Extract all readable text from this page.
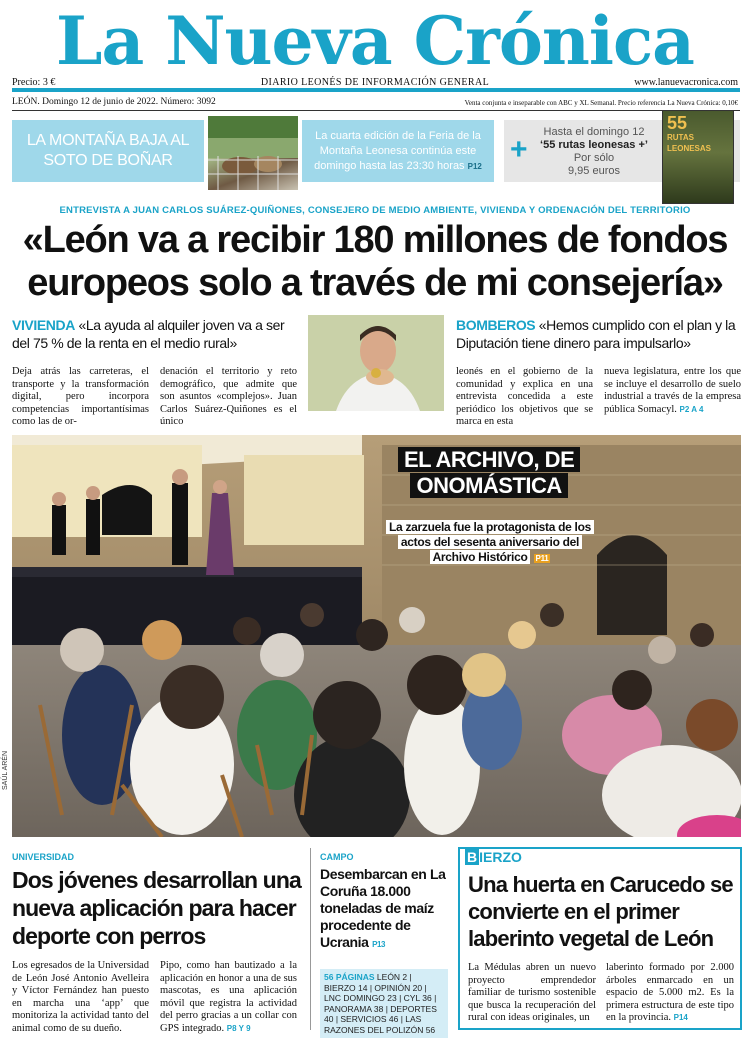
La Nueva Crónica
Precio: 3 €	DIARIO LEONÉS DE INFORMACIÓN GENERAL	www.lanuevacronica.com
LEÓN. Domingo 12 de junio de 2022. Número: 3092	Venta conjunta e inseparable con ABC y XL Semanal. Precio referencia La Nueva Crónica: 0,10€
LA MONTAÑA BAJA AL SOTO DE BOÑAR
La cuarta edición de la Feria de la Montaña Leonesa continúa este domingo hasta las 23:30 horas P12 +
Hasta el domingo 12
‘55 rutas leonesas +’
Por sólo
9,95 euros
55
RUTAS LEONESAS
ENTREVISTA A JUAN CARLOS SUÁREZ-QUIÑONES, CONSEJERO DE MEDIO AMBIENTE, VIVIENDA Y ORDENACIÓN DEL TERRITORIO
«León va a recibir 180 millones de fondos europeos solo a través de mi consejería»
VIVIENDA «La ayuda al alquiler joven va a ser del 75 % de la renta en el medio rural»
BOMBEROS «Hemos cumplido con el plan y la Diputación tiene dinero para impulsarlo»
Deja atrás las carreteras, el transporte y la transformación digital, pero incorpora competencias importantísimas como las de or-
denación el territorio y reto demográfico, que admite que son asuntos «complejos». Juan Carlos Suárez-Quiñones es el único
leonés en el gobierno de la comunidad y explica en una entrevista concedida a este periódico los objetivos que se marca en esta
nueva legislatura, entre los que se incluye el desarrollo de suelo industrial a través de la empresa pública Somacyl. P2 A 4
SAÚL ARÉN
EL ARCHIVO, DE
ONOMÁSTICA
La zarzuela fue la protagonista de los actos del sesenta aniversario del Archivo Histórico P11
UNIVERSIDAD
Dos jóvenes desarrollan una nueva aplicación para hacer deporte con perros
Los egresados de la Universidad de León José Antonio Avelleira y Víctor Fernández han puesto en marcha una ‘app’ que monitoriza la actividad tanto del animal como de su dueño.
Pipo, como han bautizado a la aplicación en honor a una de sus mascotas, es una aplicación móvil que registra la actividad del perro gracias a un collar con GPS integrado. P8 Y 9
CAMPO
Desembarcan en La Coruña 18.000 toneladas de maíz procedente de Ucrania P13
56 PÁGINAS LEÓN 2 | BIERZO 14 | OPINIÓN 20 | LNC DOMINGO 23 | CYL 36 | PANORAMA 38 | DEPORTES 40 | SERVICIOS 46 | LAS RAZONES DEL POLIZÓN 56
B IERZO
Una huerta en Carucedo se convierte en el primer laberinto vegetal de León
La Médulas abren un nuevo proyecto emprendedor familiar de turismo sostenible que busca la recuperación del rural con ideas originales, un
laberinto formado por 2.000 árboles enmarcado en un espacio de 5.000 m2. Es la primera estructura de este tipo en la provincia. P14
